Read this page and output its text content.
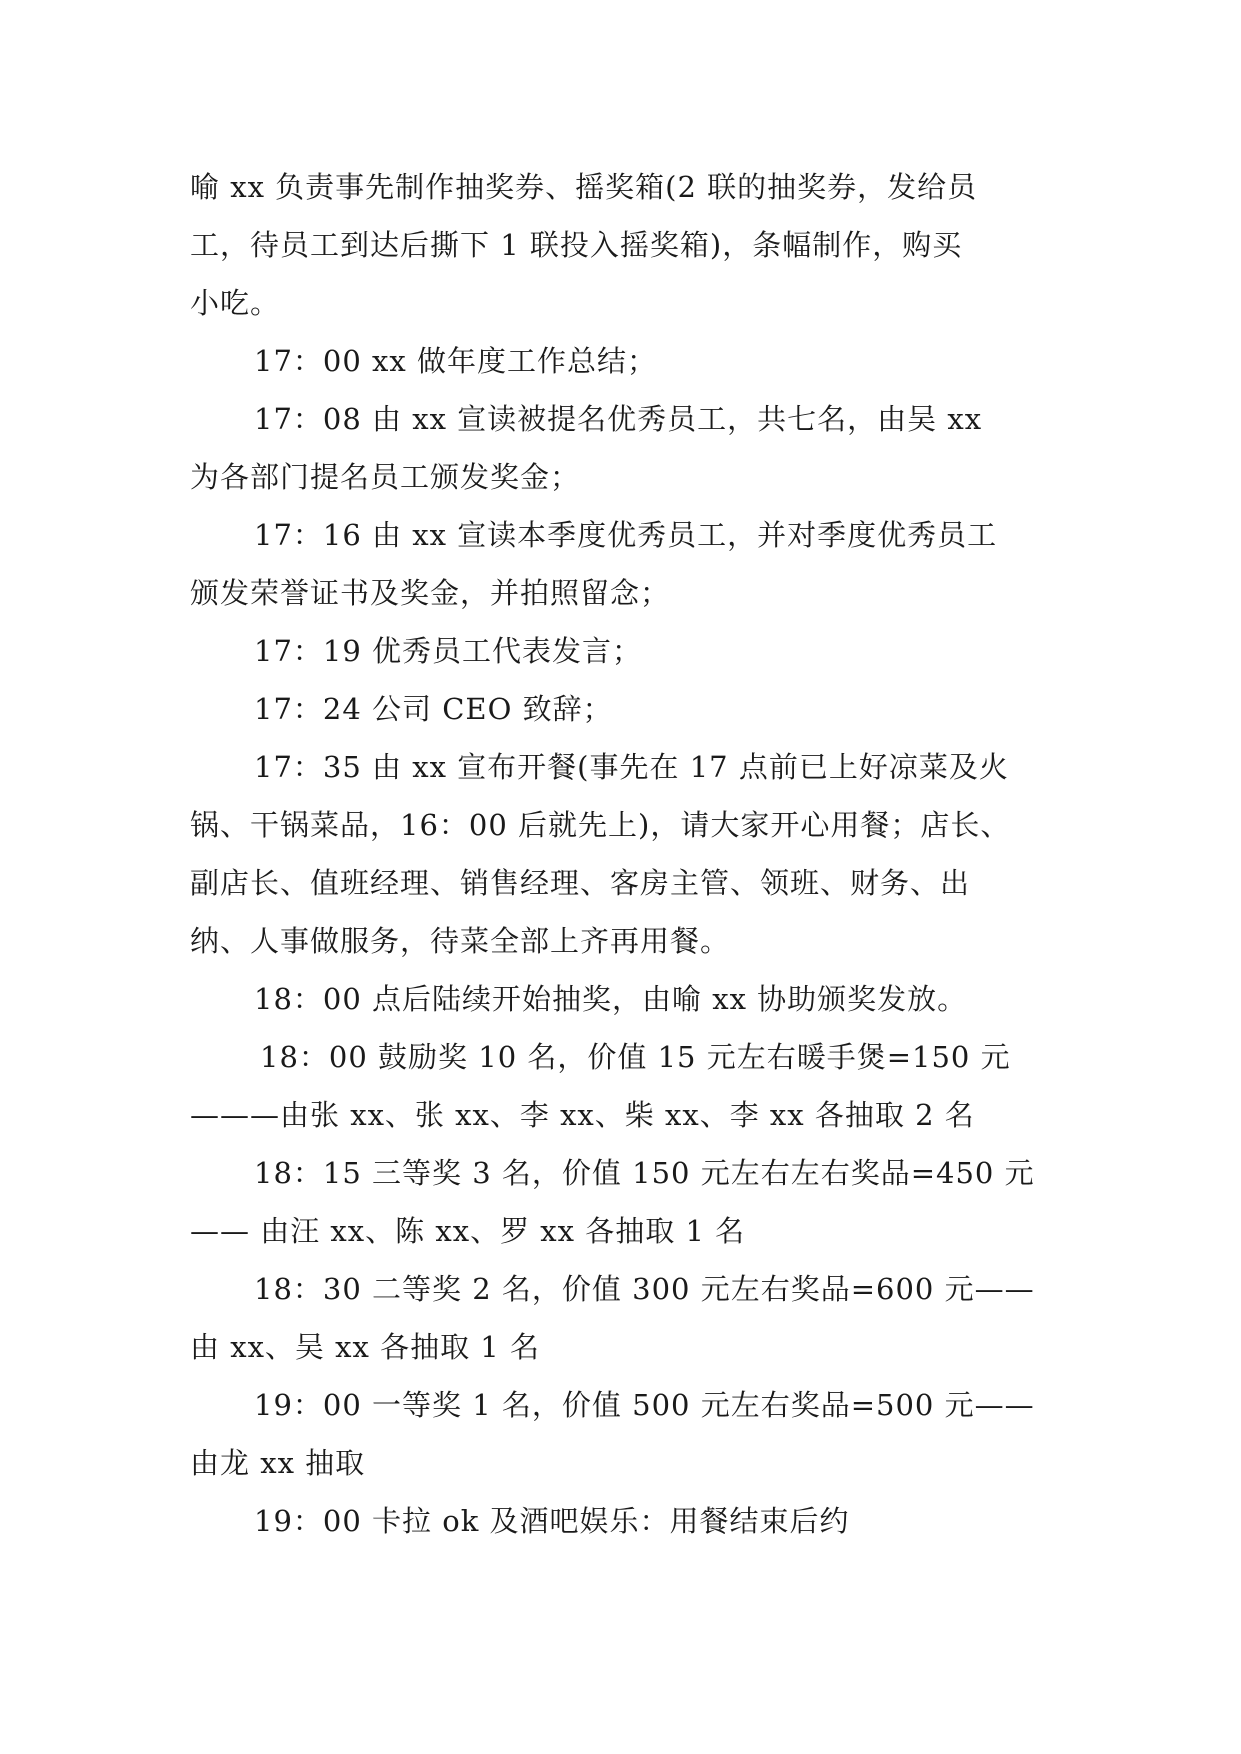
喻 xx 负责事先制作抽奖券、摇奖箱(2 联的抽奖券，发给员
工，待员工到达后撕下 1 联投入摇奖箱)，条幅制作，购买
小吃。
17：00 xx 做年度工作总结；
17：08 由 xx 宣读被提名优秀员工，共七名，由吴 xx
为各部门提名员工颁发奖金；
17：16 由 xx 宣读本季度优秀员工，并对季度优秀员工
颁发荣誉证书及奖金，并拍照留念；
17：19 优秀员工代表发言；
17：24 公司 CEO 致辞；
17：35 由 xx 宣布开餐(事先在 17 点前已上好凉菜及火
锅、干锅菜品，16：00 后就先上)，请大家开心用餐；店长、
副店长、值班经理、销售经理、客房主管、领班、财务、出
纳、人事做服务，待菜全部上齐再用餐。
18：00 点后陆续开始抽奖，由喻 xx 协助颁奖发放。
18：00 鼓励奖 10 名，价值 15 元左右暖手煲=150 元
———由张 xx、张 xx、李 xx、柴 xx、李 xx 各抽取 2 名
18：15 三等奖 3 名，价值 150 元左右左右奖品=450 元
—— 由汪 xx、陈 xx、罗 xx 各抽取 1 名
18：30 二等奖 2 名，价值 300 元左右奖品=600 元——
由 xx、吴 xx 各抽取 1 名
19：00 一等奖 1 名，价值 500 元左右奖品=500 元——
由龙 xx 抽取
19：00 卡拉 ok 及酒吧娱乐：用餐结束后约
